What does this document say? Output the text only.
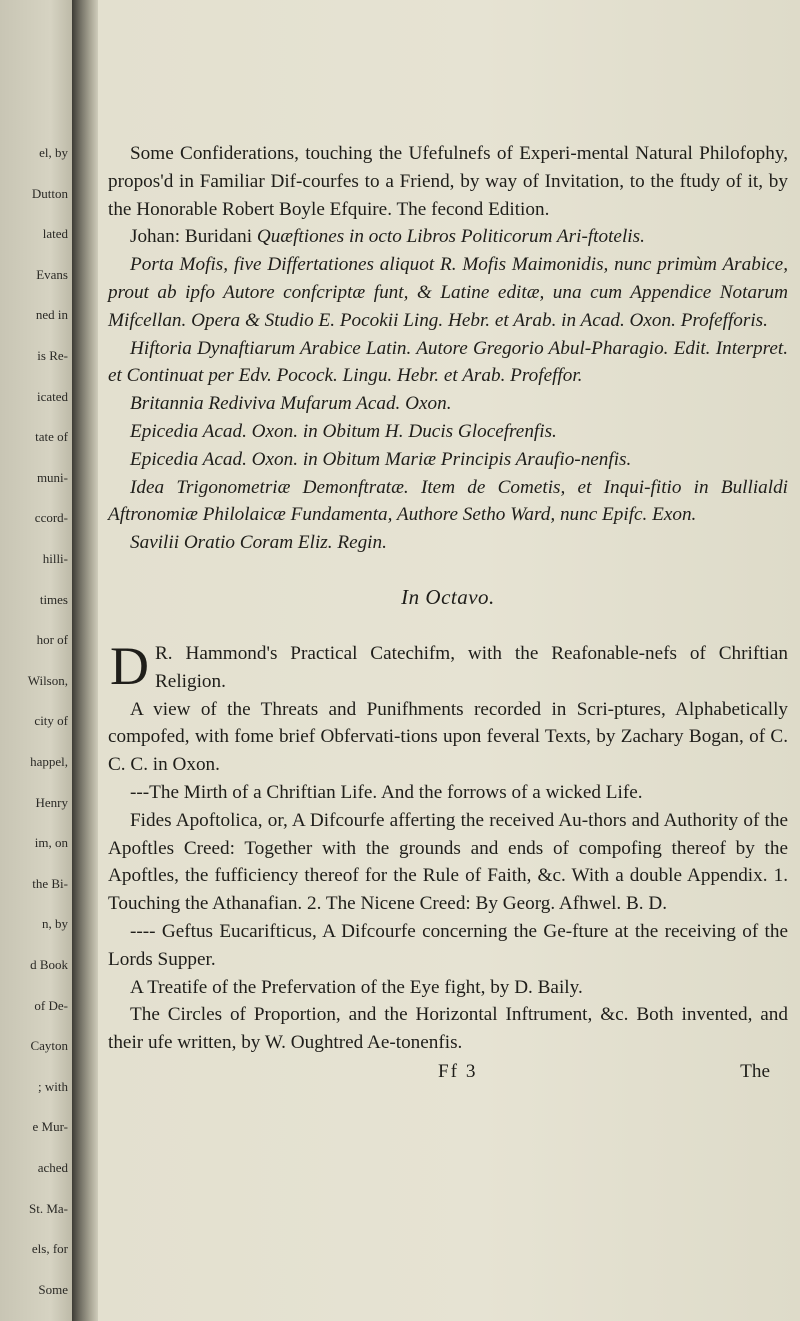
el, by
Dutton
lated
Evans
ned in
is Re-
icated
tate of
muni-
ccord-
hilli-
times
hor of
Wilson,
city of
happel,
Henry
im, on
the Bi-
n, by
d Book
of De-
Cayton
; with
e Mur-
ached
St. Ma-
els, for
Some

Some Confiderations, touching the Ufefulnefs of Experi-mental Natural Philofophy, propos'd in Familiar Dif-courfes to a Friend, by way of Invitation, to the ftudy of it, by the Honorable Robert Boyle Efquire. The fecond Edition.

Johan: Buridani Quæftiones in octo Libros Politicorum Ari-ftotelis.

Porta Mofis, five Differtationes aliquot R. Mofis Maimonidis, nunc primùm Arabice, prout ab ipfo Autore confcriptæ funt, & Latine editæ, una cum Appendice Notarum Mifcellan. Opera & Studio E. Pocokii Ling. Hebr. et Arab. in Acad. Oxon. Profefforis.

Hiftoria Dynaftiarum Arabice Latin. Autore Gregorio Abul-Pharagio. Edit. Interpret. et Continuat per Edv. Pocock. Lingu. Hebr. et Arab. Profeffor.

Britannia Rediviva Mufarum Acad. Oxon.

Epicedia Acad. Oxon. in Obitum H. Ducis Glocefrenfis.

Epicedia Acad. Oxon. in Obitum Mariæ Principis Araufio-nenfis.

Idea Trigonometriæ Demonftratæ. Item de Cometis, et Inqui-fitio in Bullialdi Aftronomiæ Philolaicæ Fundamenta, Authore Setho Ward, nunc Epifc. Exon.

Savilii Oratio Coram Eliz. Regin.

In Octavo.

D R. Hammond's Practical Catechifm, with the Reafonable-nefs of Chriftian Religion.

A view of the Threats and Punifhments recorded in Scri-ptures, Alphabetically compofed, with fome brief Obfervati-tions upon feveral Texts, by Zachary Bogan, of C. C. C. in Oxon.

---The Mirth of a Chriftian Life. And the forrows of a wicked Life.

Fides Apoftolica, or, A Difcourfe afferting the received Au-thors and Authority of the Apoftles Creed: Together with the grounds and ends of compofing thereof by the Apoftles, the fufficiency thereof for the Rule of Faith, &c. With a double Appendix. 1. Touching the Athanafian. 2. The Nicene Creed: By Georg. Afhwel. B. D.

---- Geftus Eucarifticus, A Difcourfe concerning the Ge-fture at the receiving of the Lords Supper.

A Treatife of the Prefervation of the Eye fight, by D. Baily.

The Circles of Proportion, and the Horizontal Inftrument, &c. Both invented, and their ufe written, by W. Oughtred Ae-tonenfis.

Ff 3	The
